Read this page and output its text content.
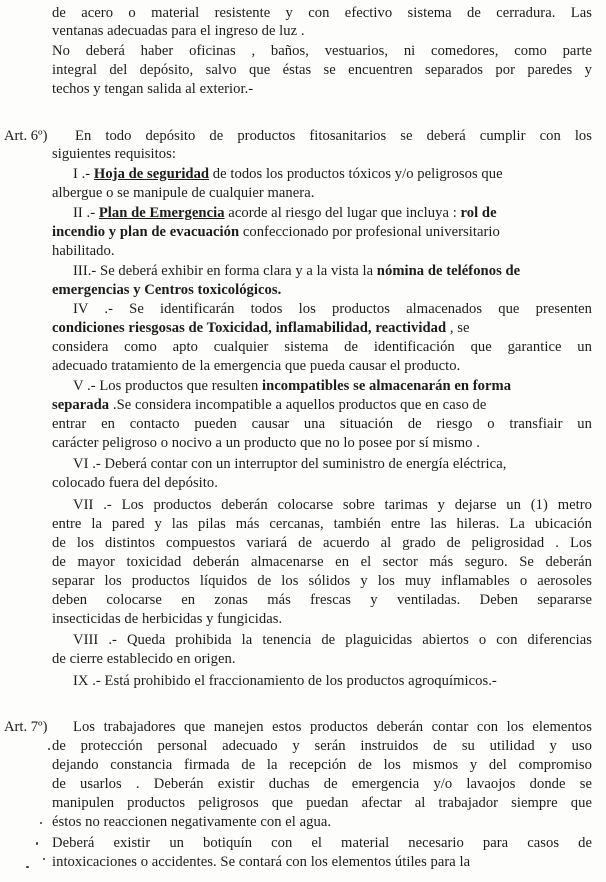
de acero o material resistente y con efectivo sistema de cerradura. Las
ventanas adecuadas para el ingreso de luz .
No deberá haber oficinas , baños, vestuarios, ni comedores, como parte
integral del depósito, salvo que éstas se encuentren separados por paredes y
techos y tengan salida al exterior.-
Art. 6º) En todo depósito de productos fitosanitarios se deberá cumplir con los
siguientes requisitos:
I .- Hoja de seguridad de todos los productos tóxicos y/o peligrosos que
albergue o se manipule de cualquier manera.
II .- Plan de Emergencia acorde al riesgo del lugar que incluya : rol de
incendio y plan de evacuación confeccionado por profesional universitario
habilitado.
III.- Se deberá exhibir en forma clara y a la vista la nómina de teléfonos de
emergencias y Centros toxicológicos.
IV .- Se identificarán todos los productos almacenados que presenten
condiciones riesgosas de Toxicidad, inflamabilidad, reactividad , se
considera como apto cualquier sistema de identificación que garantice un
adecuado tratamiento de la emergencia que pueda causar el producto.
V .- Los productos que resulten incompatibles se almacenarán en forma
separada .Se considera incompatible a aquellos productos que en caso de
entrar en contacto pueden causar una situación de riesgo o transfiair un
carácter peligroso o nocivo a un producto que no lo posee por sí mismo .
VI .- Deberá contar con un interruptor del suministro de energía eléctrica,
colocado fuera del depósito.
VII .- Los productos deberán colocarse sobre tarimas y dejarse un (1) metro
entre la pared y las pilas más cercanas, también entre las hileras. La ubicación
de los distintos compuestos variará de acuerdo al grado de peligrosidad . Los
de mayor toxicidad deberán almacenarse en el sector más seguro. Se deberán
separar los productos líquidos de los sólidos y los muy inflamables o aerosoles
deben colocarse en zonas más frescas y ventiladas. Deben separarse
insecticidas de herbicidas y fungicidas.
VIII .- Queda prohibida la tenencia de plaguicidas abiertos o con diferencias
de cierre establecido en origen.
IX .- Está prohibido el fraccionamiento de los productos agroquímicos.-
Art. 7º) Los trabajadores que manejen estos productos deberán contar con los elementos
de protección personal adecuado y serán instruidos de su utilidad y uso
dejando constancia firmada de la recepción de los mismos y del compromiso
de usarlos . Deberán existir duchas de emergencia y/o lavaojos donde se
manipulen productos peligrosos que puedan afectar al trabajador siempre que
éstos no reaccionen negativamente con el agua.
Deberá existir un botiquín con el material necesario para casos de
intoxicaciones o accidentes. Se contará con los elementos útiles para la
